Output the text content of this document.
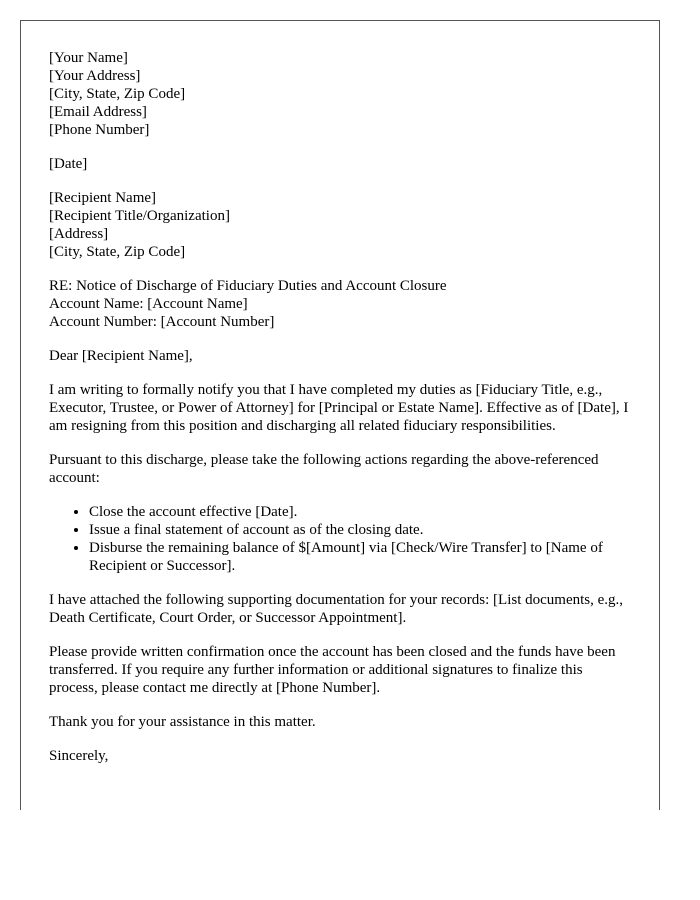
[Your Name]
[Your Address]
[City, State, Zip Code]
[Email Address]
[Phone Number]
[Date]
[Recipient Name]
[Recipient Title/Organization]
[Address]
[City, State, Zip Code]
RE: Notice of Discharge of Fiduciary Duties and Account Closure
Account Name: [Account Name]
Account Number: [Account Number]

Dear [Recipient Name],

I am writing to formally notify you that I have completed my duties as [Fiduciary Title, e.g., Executor, Trustee, or Power of Attorney] for [Principal or Estate Name]. Effective as of [Date], I am resigning from this position and discharging all related fiduciary responsibilities.

Pursuant to this discharge, please take the following actions regarding the above-referenced account:

• Close the account effective [Date].
• Issue a final statement of account as of the closing date.
• Disburse the remaining balance of $[Amount] via [Check/Wire Transfer] to [Name of Recipient or Successor].

I have attached the following supporting documentation for your records: [List documents, e.g., Death Certificate, Court Order, or Successor Appointment].

Please provide written confirmation once the account has been closed and the funds have been transferred. If you require any further information or additional signatures to finalize this process, please contact me directly at [Phone Number].

Thank you for your assistance in this matter.

Sincerely,
